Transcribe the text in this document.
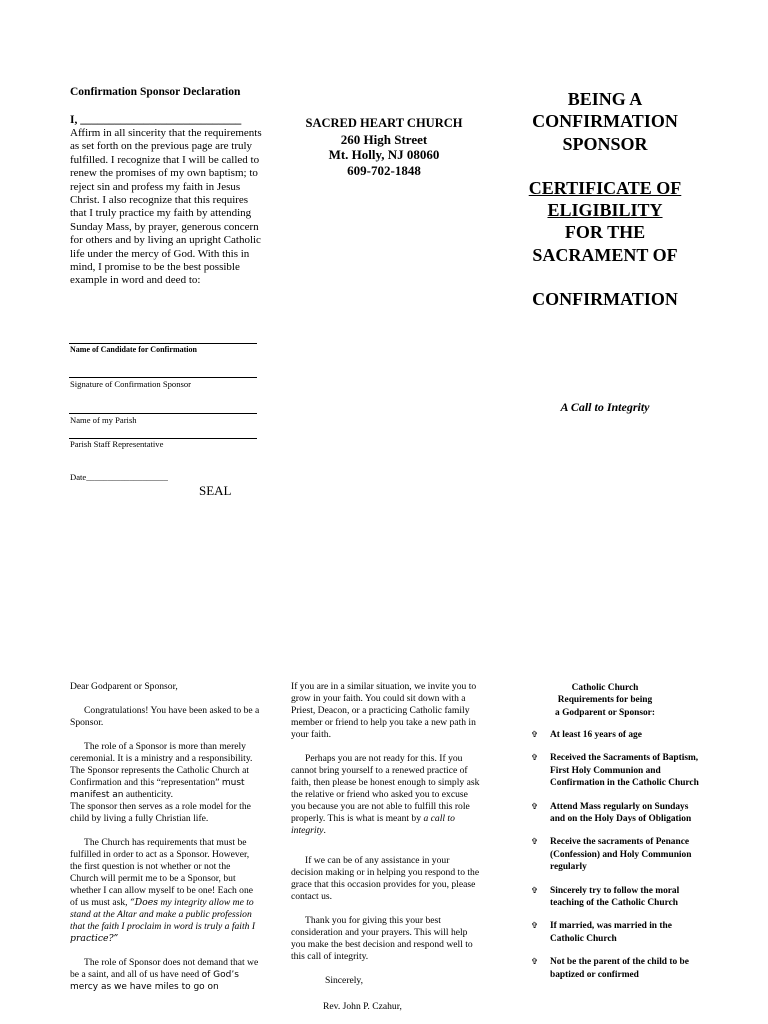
Confirmation Sponsor Declaration
I, ____________________________
Affirm in all sincerity that the requirements as set forth on the previous page are truly fulfilled. I recognize that I will be called to renew the promises of my own baptism; to reject sin and profess my faith in Jesus Christ. I also recognize that this requires that I truly practice my faith by attending Sunday Mass, by prayer, generous concern for others and by living an upright Catholic life under the mercy of God. With this in mind, I promise to be the best possible example in word and deed to:
Name of Candidate for Confirmation
Signature of Confirmation Sponsor
Name of my Parish
Parish Staff Representative
Date___________________
SEAL
SACRED HEART CHURCH
260 High Street
Mt. Holly, NJ 08060
609-702-1848
BEING A
CONFIRMATION
SPONSOR
CERTIFICATE OF
ELIGIBILITY
FOR THE
SACRAMENT OF
CONFIRMATION
A Call to Integrity

Dear Godparent or Sponsor,

Congratulations! You have been asked to be a Sponsor.

The role of a Sponsor is more than merely ceremonial. It is a ministry and a responsibility. The Sponsor represents the Catholic Church at Confirmation and this “representation” must manifest an authenticity.
The sponsor then serves as a role model for the child by living a fully Christian life.

The Church has requirements that must be fulfilled in order to act as a Sponsor. However, the first question is not whether or not the Church will permit me to be a Sponsor, but whether I can allow myself to be one! Each one of us must ask, “Does my integrity allow me to stand at the Altar and make a public profession that the faith I proclaim in word is truly a faith I practice?”

The role of Sponsor does not demand that we be a saint, and all of us have need of God’s mercy as we have miles to go on

If you are in a similar situation, we invite you to grow in your faith. You could sit down with a Priest, Deacon, or a practicing Catholic family member or friend to help you take a new path in your faith.

Perhaps you are not ready for this. If you cannot bring yourself to a renewed practice of faith, then please be honest enough to simply ask the relative or friend who asked you to excuse you because you are not able to fulfill this role properly. This is what is meant by a call to integrity.

If we can be of any assistance in your decision making or in helping you respond to the grace that this occasion provides for you, please contact us.

Thank you for giving this your best consideration and your prayers. This will help you make the best decision and respond well to this call of integrity.

Sincerely,

Rev. John P. Czahur,

Catholic Church
Requirements for being
a Godparent or Sponsor:
✞ At least 16 years of age
✞ Received the Sacraments of Baptism, First Holy Communion and Confirmation in the Catholic Church
✞ Attend Mass regularly on Sundays and on the Holy Days of Obligation
✞ Receive the sacraments of Penance (Confession) and Holy Communion regularly
✞ Sincerely try to follow the moral teaching of the Catholic Church
✞ If married, was married in the Catholic Church
✞ Not be the parent of the child to be baptized or confirmed
